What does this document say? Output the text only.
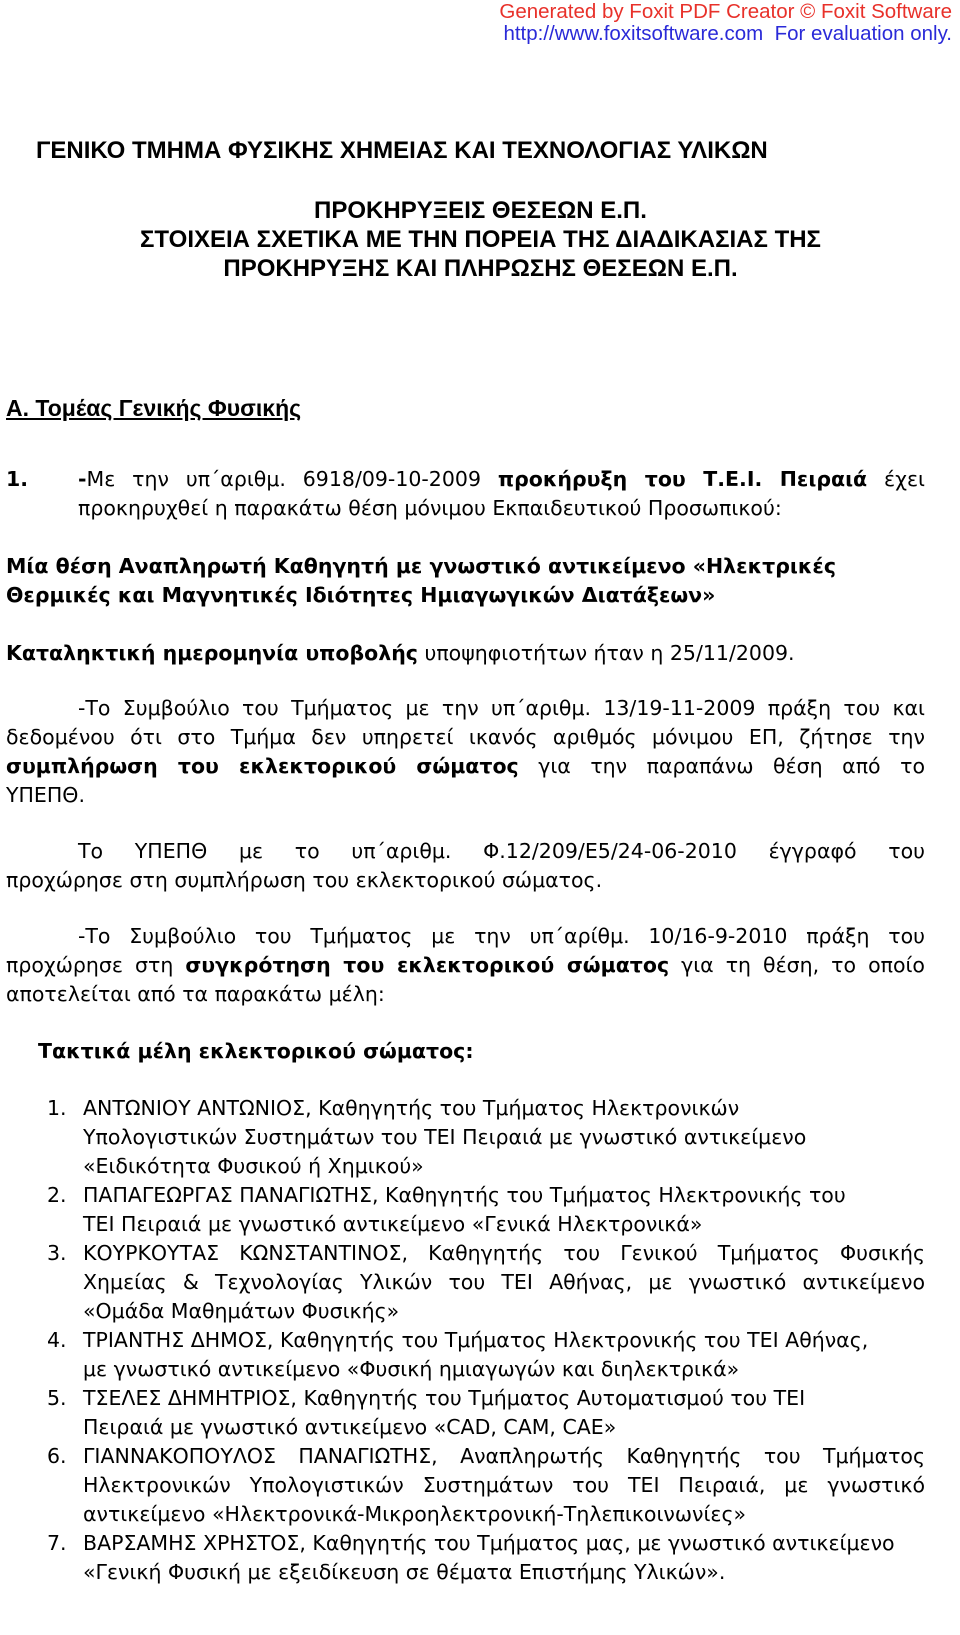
Generated by Foxit PDF Creator © Foxit Software
http://www.foxitsoftware.com For evaluation only.
ΓΕΝΙΚΟ ΤΜΗΜΑ ΦΥΣΙΚΗΣ ΧΗΜΕΙΑΣ ΚΑΙ ΤΕΧΝΟΛΟΓΙΑΣ ΥΛΙΚΩΝ
ΠΡΟΚΗΡΥΞΕΙΣ ΘΕΣΕΩΝ Ε.Π.
ΣΤΟΙΧΕΙΑ ΣΧΕΤΙΚΑ ΜΕ ΤΗΝ ΠΟΡΕΙΑ ΤΗΣ ΔΙΑΔΙΚΑΣΙΑΣ ΤΗΣ
ΠΡΟΚΗΡΥΞΗΣ ΚΑΙ ΠΛΗΡΩΣΗΣ ΘΕΣΕΩΝ Ε.Π.
Α. Τομέας Γενικής Φυσικής
1. -Με την υπ΄αριθμ. 6918/09-10-2009 προκήρυξη του Τ.Ε.Ι. Πειραιά έχει
προκηρυχθεί η παρακάτω θέση μόνιμου Εκπαιδευτικού Προσωπικού:
Μία θέση Αναπληρωτή Καθηγητή με γνωστικό αντικείμενο «Ηλεκτρικές
Θερμικές και Μαγνητικές Ιδιότητες Ημιαγωγικών Διατάξεων»
Καταληκτική ημερομηνία υποβολής υποψηφιοτήτων ήταν η 25/11/2009.
-Το Συμβούλιο του Τμήματος με την υπ΄αριθμ. 13/19-11-2009 πράξη του και
δεδομένου ότι στο Τμήμα δεν υπηρετεί ικανός αριθμός μόνιμου ΕΠ, ζήτησε την
συμπλήρωση του εκλεκτορικού σώματος για την παραπάνω θέση από το
ΥΠΕΠΘ.
Το ΥΠΕΠΘ με το υπ΄αριθμ. Φ.12/209/Ε5/24-06-2010 έγγραφό του
προχώρησε στη συμπλήρωση του εκλεκτορικού σώματος.
-Το Συμβούλιο του Τμήματος με την υπ΄αρίθμ. 10/16-9-2010 πράξη του
προχώρησε στη συγκρότηση του εκλεκτορικού σώματος για τη θέση, το οποίο
αποτελείται από τα παρακάτω μέλη:
Τακτικά μέλη εκλεκτορικού σώματος:
1. ΑΝΤΩΝΙΟΥ ΑΝΤΩΝΙΟΣ, Καθηγητής του Τμήματος Ηλεκτρονικών
Υπολογιστικών Συστημάτων του ΤΕΙ Πειραιά με γνωστικό αντικείμενο
«Ειδικότητα Φυσικού ή Χημικού»
2. ΠΑΠΑΓΕΩΡΓΑΣ ΠΑΝΑΓΙΩΤΗΣ, Καθηγητής του Τμήματος Ηλεκτρονικής του
ΤΕΙ Πειραιά με γνωστικό αντικείμενο «Γενικά Ηλεκτρονικά»
3. ΚΟΥΡΚΟΥΤΑΣ ΚΩΝΣΤΑΝΤΙΝΟΣ, Καθηγητής του Γενικού Τμήματος Φυσικής
Χημείας & Τεχνολογίας Υλικών του ΤΕΙ Αθήνας, με γνωστικό αντικείμενο
«Ομάδα Μαθημάτων Φυσικής»
4. ΤΡΙΑΝΤΗΣ ΔΗΜΟΣ, Καθηγητής του Τμήματος Ηλεκτρονικής του ΤΕΙ Αθήνας,
με γνωστικό αντικείμενο «Φυσική ημιαγωγών και διηλεκτρικά»
5. ΤΣΕΛΕΣ ΔΗΜΗΤΡΙΟΣ, Καθηγητής του Τμήματος Αυτοματισμού του ΤΕΙ
Πειραιά με γνωστικό αντικείμενο «CAD, CAM, CAE»
6. ΓΙΑΝΝΑΚΟΠΟΥΛΟΣ ΠΑΝΑΓΙΩΤΗΣ, Αναπληρωτής Καθηγητής του Τμήματος
Ηλεκτρονικών Υπολογιστικών Συστημάτων του ΤΕΙ Πειραιά, με γνωστικό
αντικείμενο «Ηλεκτρονικά-Μικροηλεκτρονική-Τηλεπικοινωνίες»
7. ΒΑΡΣΑΜΗΣ ΧΡΗΣΤΟΣ, Καθηγητής του Τμήματος μας, με γνωστικό αντικείμενο
«Γενική Φυσική με εξειδίκευση σε θέματα Επιστήμης Υλικών».
